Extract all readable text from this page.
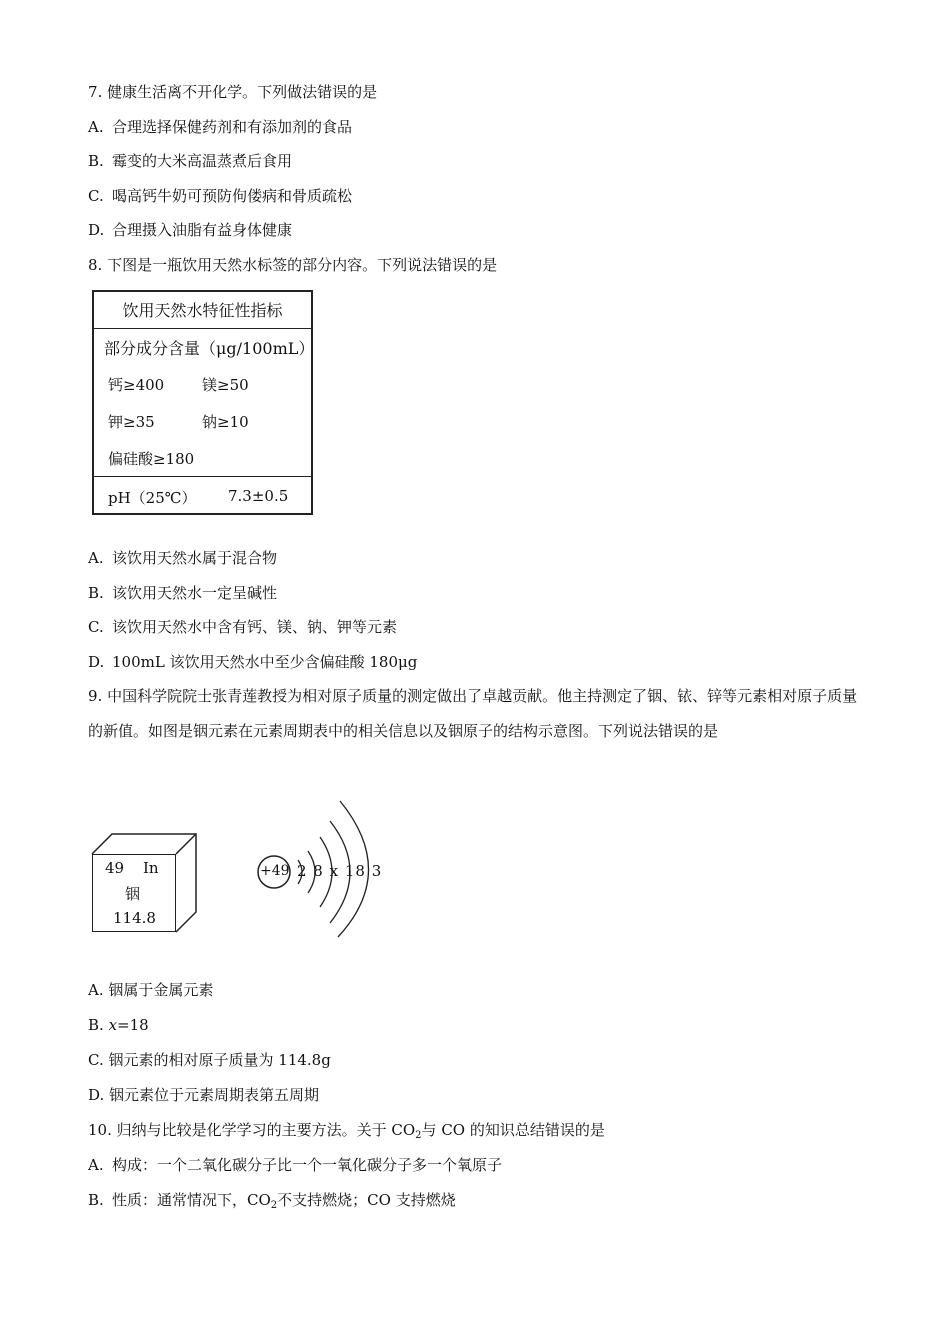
7. 健康生活离不开化学。下列做法错误的是
A. 合理选择保健药剂和有添加剂的食品
B. 霉变的大米高温蒸煮后食用
C. 喝高钙牛奶可预防佝偻病和骨质疏松
D. 合理摄入油脂有益身体健康
8. 下图是一瓶饮用天然水标签的部分内容。下列说法错误的是
饮用天然水特征性指标
部分成分含量（μg/100mL）
钙≥400	镁≥50
钾≥35	钠≥10
偏硅酸≥180
pH（25℃） 7.3±0.5
A. 该饮用天然水属于混合物
B. 该饮用天然水一定呈碱性
C. 该饮用天然水中含有钙、镁、钠、钾等元素
D. 100mL 该饮用天然水中至少含偏硅酸 180μg
9. 中国科学院院士张青莲教授为相对原子质量的测定做出了卓越贡献。他主持测定了铟、铱、锌等元素相对原子质量的新值。如图是铟元素在元素周期表中的相关信息以及铟原子的结构示意图。下列说法错误的是
49 In
铟
114.8
+49 2 8 x 18 3
A. 铟属于金属元素
B. x=18
C. 铟元素的相对原子质量为 114.8g
D. 铟元素位于元素周期表第五周期
10. 归纳与比较是化学学习的主要方法。关于 $CO_2$与 CO 的知识总结错误的是
A. 构成：一个二氧化碳分子比一个一氧化碳分子多一个氧原子
B. 性质：通常情况下，$CO_2$不支持燃烧；CO 支持燃烧
